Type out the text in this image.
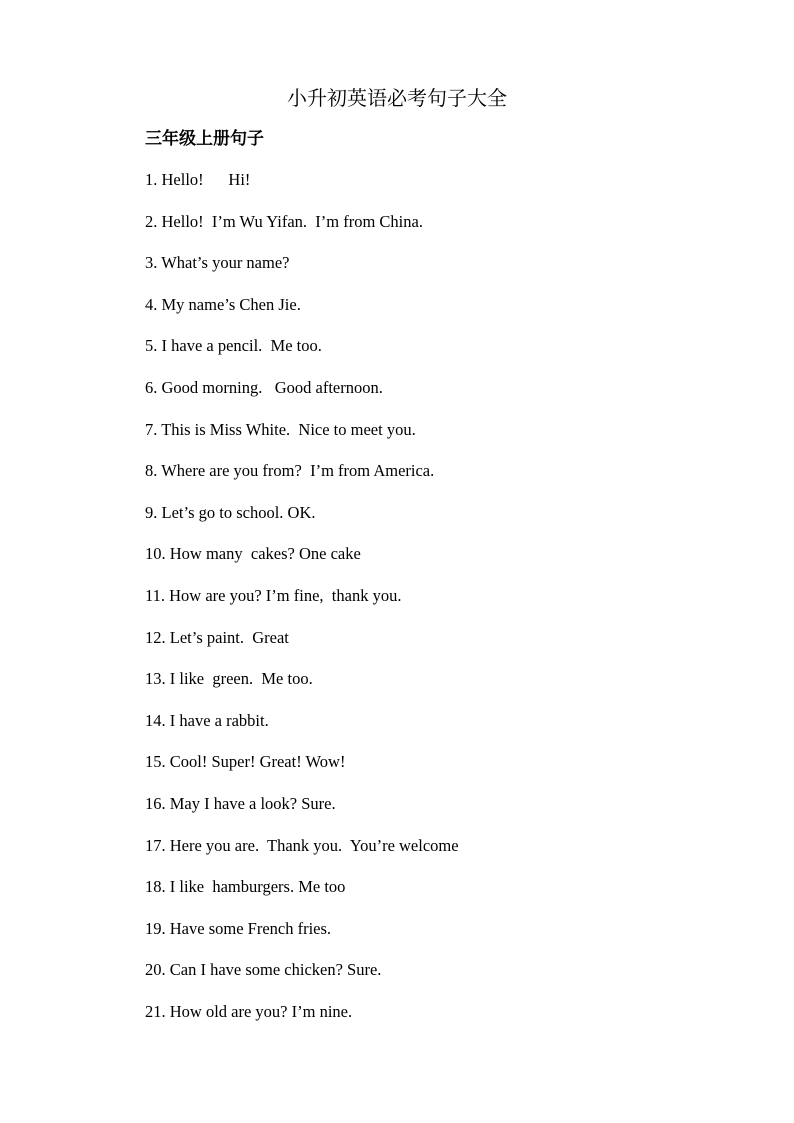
小升初英语必考句子大全
三年级上册句子
1. Hello!      Hi!
2. Hello!  I’m Wu Yifan.  I’m from China.
3. What’s your name?
4. My name’s Chen Jie.
5. I have a pencil.  Me too.
6. Good morning.   Good afternoon.
7. This is Miss White.  Nice to meet you.
8. Where are you from?  I’m from America.
9. Let’s go to school. OK.
10. How many  cakes? One cake
11. How are you? I’m fine,  thank you.
12. Let’s paint.  Great
13. I like  green.  Me too.
14. I have a rabbit.
15. Cool! Super! Great! Wow!
16. May I have a look? Sure.
17. Here you are.  Thank you.  You’re welcome
18. I like  hamburgers. Me too
19. Have some French fries.
20. Can I have some chicken? Sure.
21. How old are you? I’m nine.
